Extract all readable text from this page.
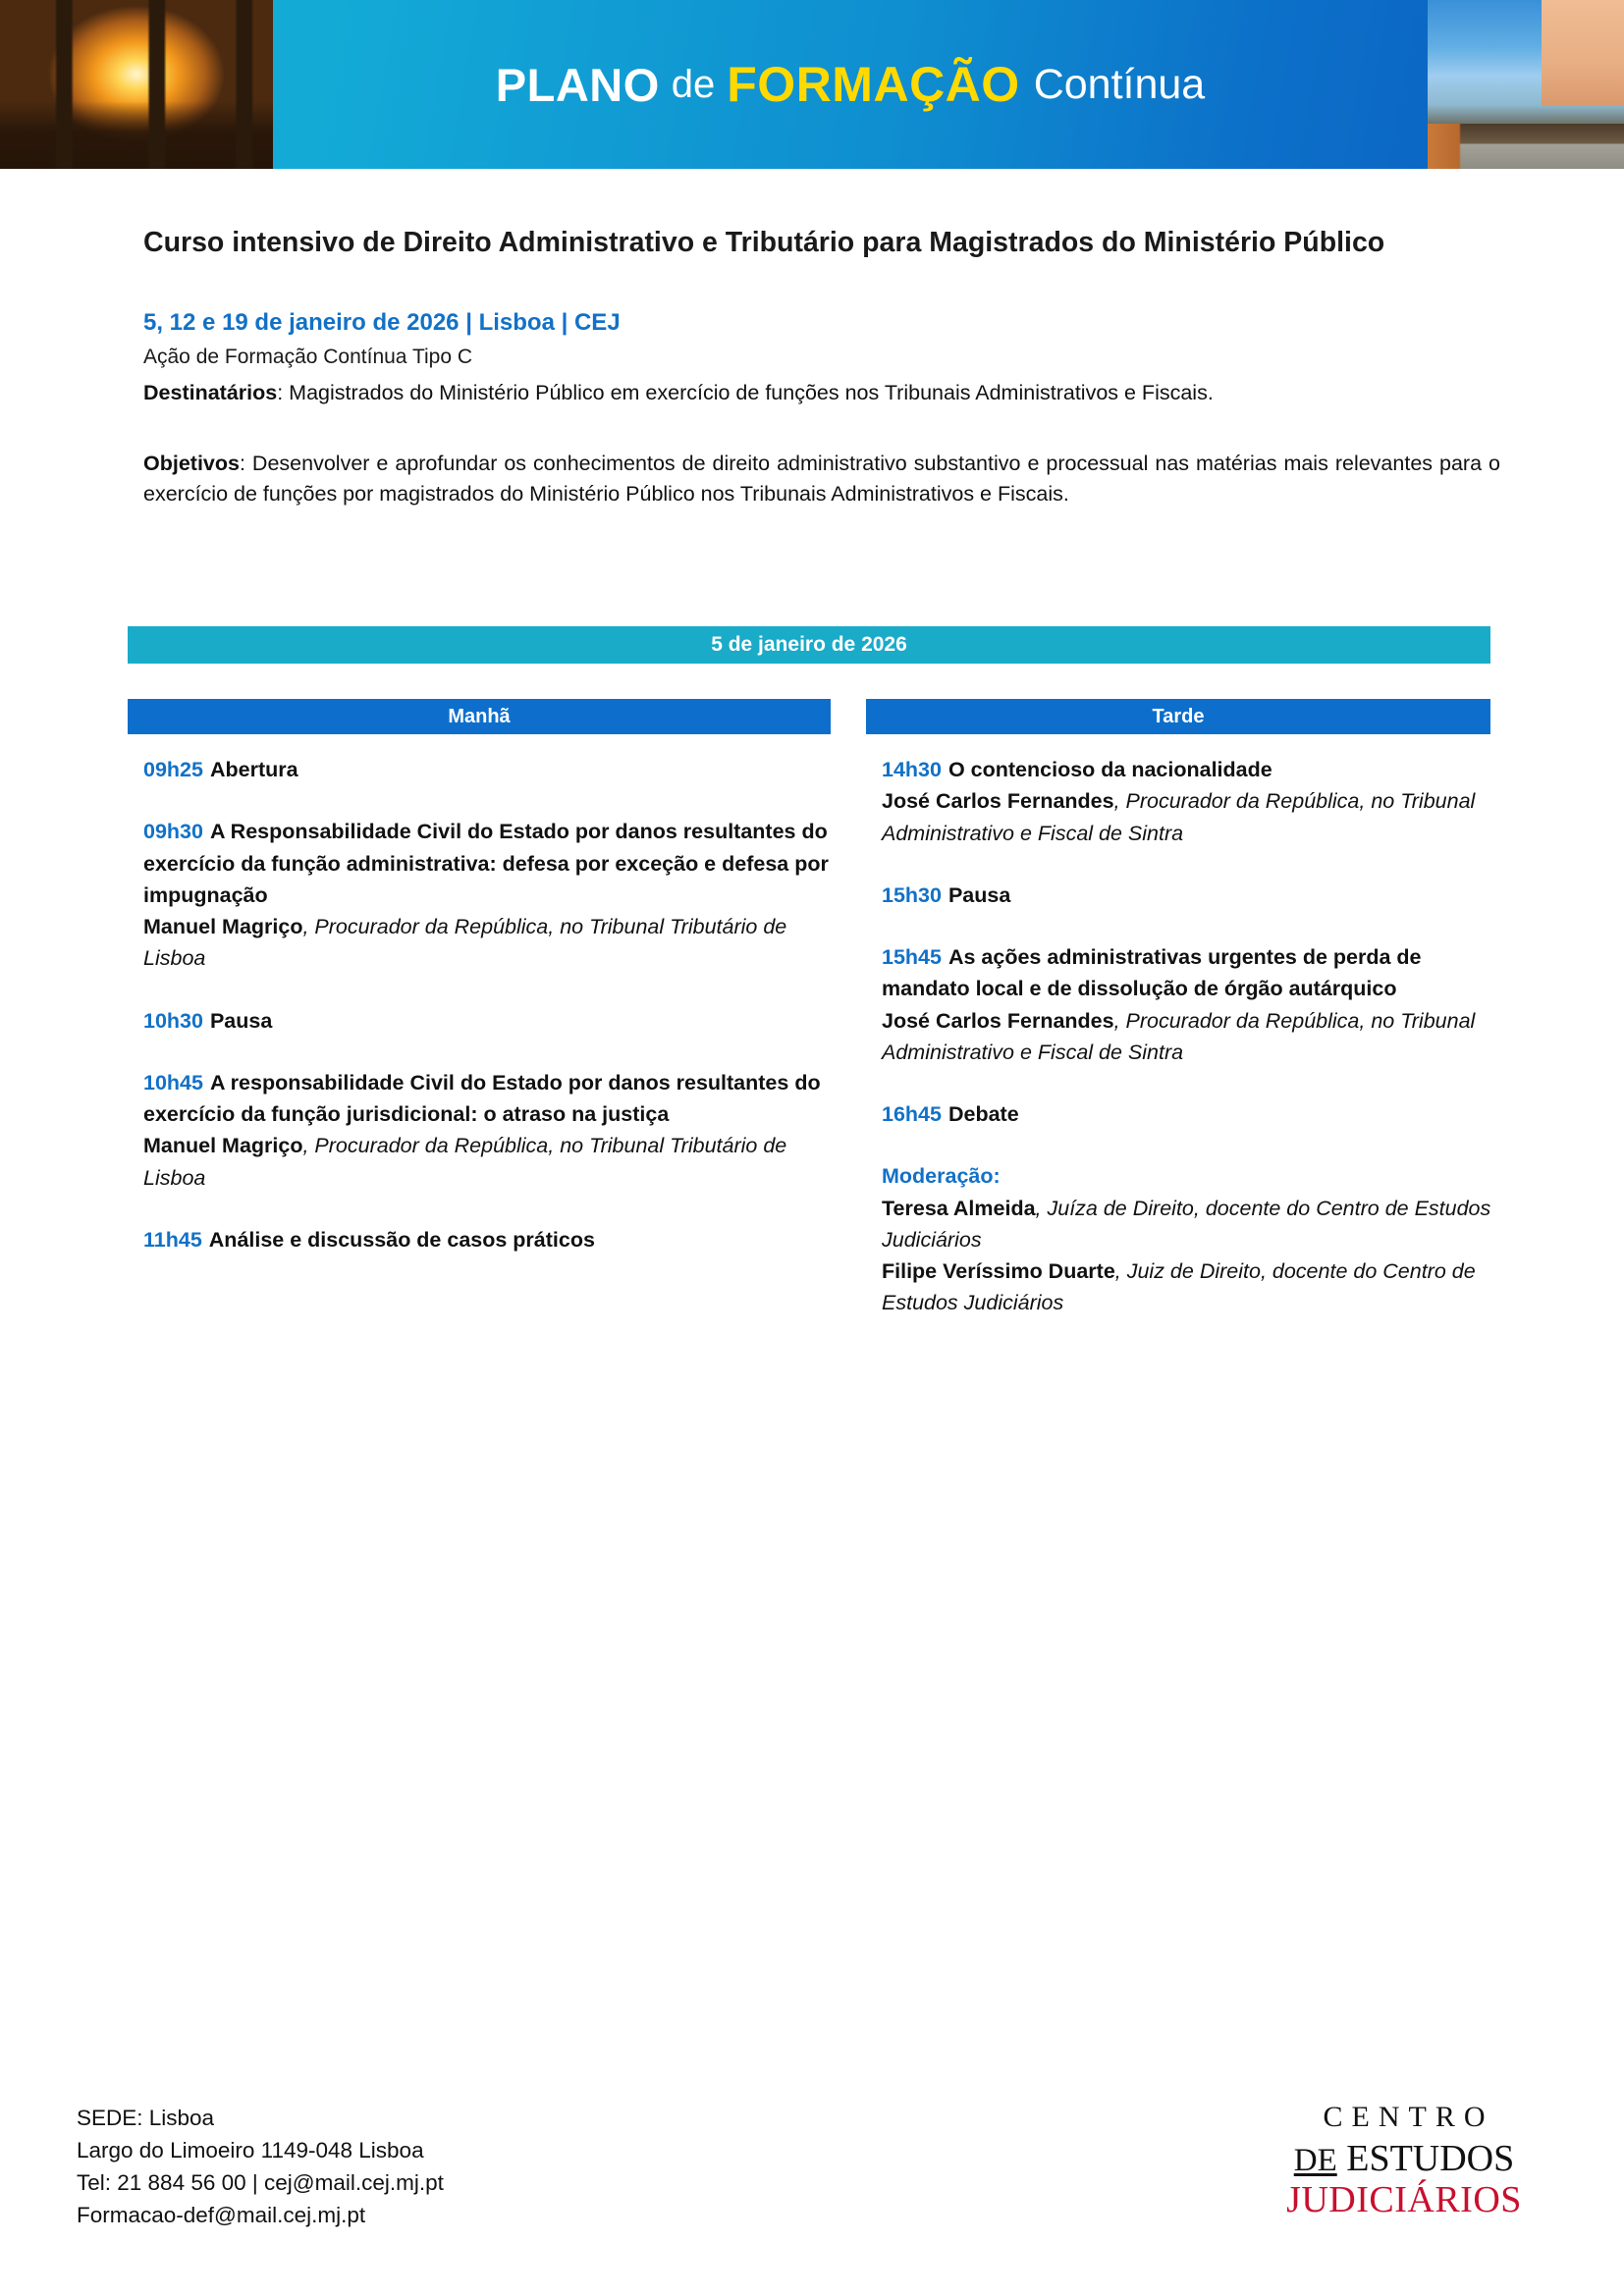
PLANO de FORMAÇÃO Contínua
Curso intensivo de Direito Administrativo e Tributário para Magistrados do Ministério Público
5, 12 e 19 de janeiro de 2026 | Lisboa | CEJ
Ação de Formação Contínua Tipo C
Destinatários: Magistrados do Ministério Público em exercício de funções nos Tribunais Administrativos e Fiscais.
Objetivos: Desenvolver e aprofundar os conhecimentos de direito administrativo substantivo e processual nas matérias mais relevantes para o exercício de funções por magistrados do Ministério Público nos Tribunais Administrativos e Fiscais.
5 de janeiro de 2026
Manhã	Tarde
09h25 Abertura
09h30 A Responsabilidade Civil do Estado por danos resultantes do exercício da função administrativa: defesa por exceção e defesa por impugnação
Manuel Magriço, Procurador da República, no Tribunal Tributário de Lisboa
10h30 Pausa
10h45 A responsabilidade Civil do Estado por danos resultantes do exercício da função jurisdicional: o atraso na justiça
Manuel Magriço, Procurador da República, no Tribunal Tributário de Lisboa
11h45 Análise e discussão de casos práticos
14h30 O contencioso da nacionalidade
José Carlos Fernandes, Procurador da República, no Tribunal Administrativo e Fiscal de Sintra
15h30 Pausa
15h45 As ações administrativas urgentes de perda de mandato local e de dissolução de órgão autárquico
José Carlos Fernandes, Procurador da República, no Tribunal Administrativo e Fiscal de Sintra
16h45 Debate
Moderação:
Teresa Almeida, Juíza de Direito, docente do Centro de Estudos Judiciários
Filipe Veríssimo Duarte, Juiz de Direito, docente do Centro de Estudos Judiciários

SEDE: Lisboa
Largo do Limoeiro 1149-048 Lisboa
Tel: 21 884 56 00 | cej@mail.cej.mj.pt
Formacao-def@mail.cej.mj.pt
CENTRO
DE ESTUDOS
JUDICIÁRIOS
